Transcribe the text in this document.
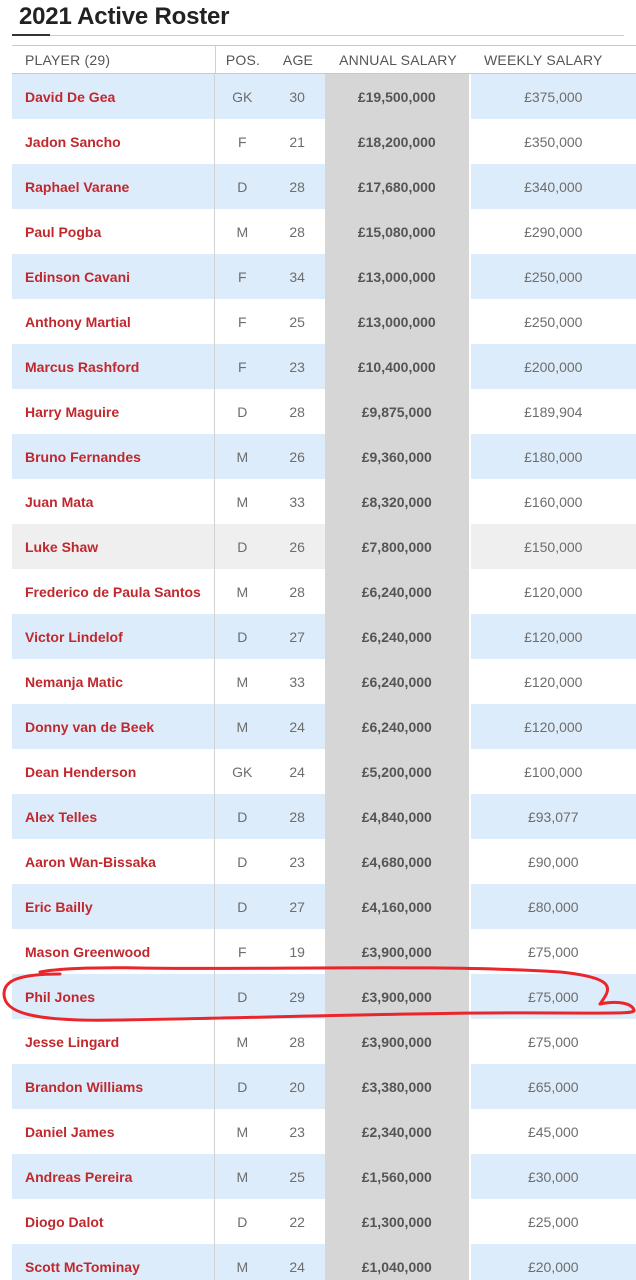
2021 Active Roster
PLAYER (29)	POS.	AGE	ANNUAL SALARY	WEEKLY SALARY
David De Gea	GK	30	£19,500,000	£375,000
Jadon Sancho	F	21	£18,200,000	£350,000
Raphael Varane	D	28	£17,680,000	£340,000
Paul Pogba	M	28	£15,080,000	£290,000
Edinson Cavani	F	34	£13,000,000	£250,000
Anthony Martial	F	25	£13,000,000	£250,000
Marcus Rashford	F	23	£10,400,000	£200,000
Harry Maguire	D	28	£9,875,000	£189,904
Bruno Fernandes	M	26	£9,360,000	£180,000
Juan Mata	M	33	£8,320,000	£160,000
Luke Shaw	D	26	£7,800,000	£150,000
Frederico de Paula Santos	M	28	£6,240,000	£120,000
Victor Lindelof	D	27	£6,240,000	£120,000
Nemanja Matic	M	33	£6,240,000	£120,000
Donny van de Beek	M	24	£6,240,000	£120,000
Dean Henderson	GK	24	£5,200,000	£100,000
Alex Telles	D	28	£4,840,000	£93,077
Aaron Wan-Bissaka	D	23	£4,680,000	£90,000
Eric Bailly	D	27	£4,160,000	£80,000
Mason Greenwood	F	19	£3,900,000	£75,000
Phil Jones	D	29	£3,900,000	£75,000
Jesse Lingard	M	28	£3,900,000	£75,000
Brandon Williams	D	20	£3,380,000	£65,000
Daniel James	M	23	£2,340,000	£45,000
Andreas Pereira	M	25	£1,560,000	£30,000
Diogo Dalot	D	22	£1,300,000	£25,000
Scott McTominay	M	24	£1,040,000	£20,000
